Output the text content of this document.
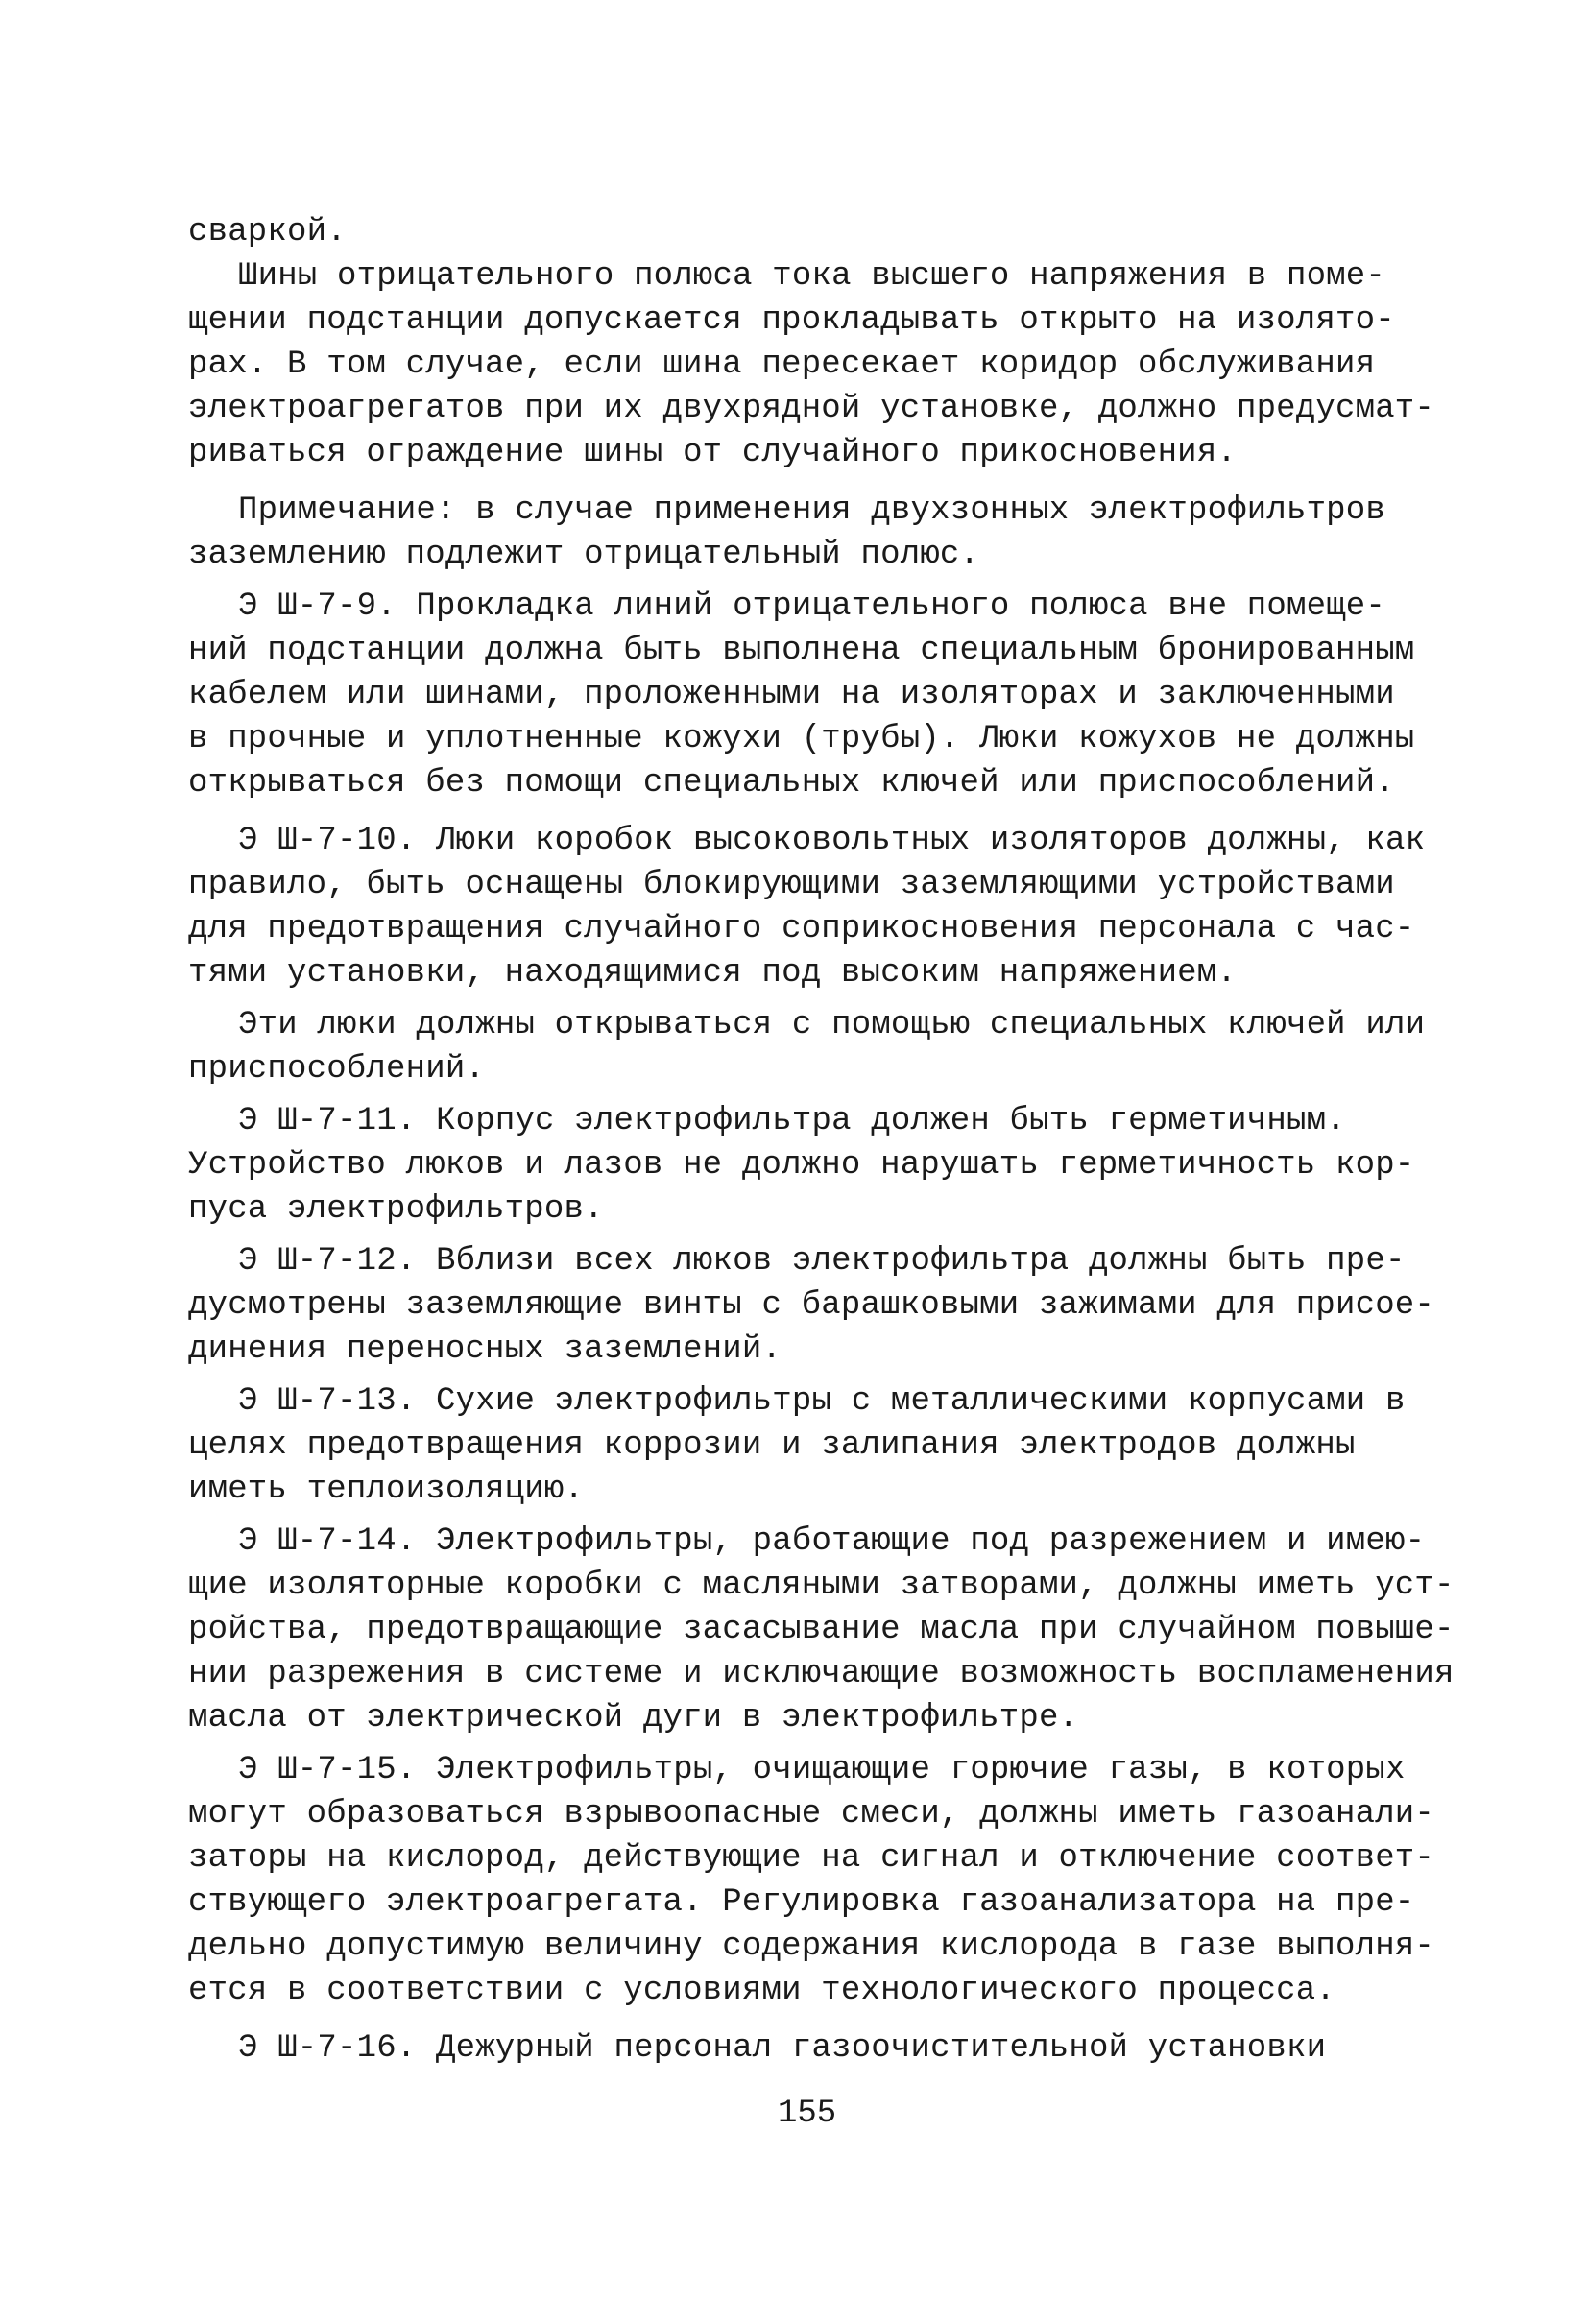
сваркой.
Шины отрицательного полюса тока высшего напряжения в поме-
щении подстанции допускается прокладывать открыто на изолято-
рах. В том случае, если шина пересекает коридор обслуживания
электроагрегатов при их двухрядной установке, должно предусмат-
риваться ограждение шины от случайного прикосновения.
Примечание: в случае применения двухзонных электрофильтров
заземлению подлежит отрицательный полюс.
Э Ш-7-9. Прокладка линий отрицательного полюса вне помеще-
ний подстанции должна быть выполнена специальным бронированным
кабелем или шинами, проложенными на изоляторах и заключенными
в прочные и уплотненные кожухи (трубы). Люки кожухов не должны
открываться без помощи специальных ключей или приспособлений.
Э Ш-7-10. Люки коробок высоковольтных изоляторов должны, как
правило, быть оснащены блокирующими заземляющими устройствами
для предотвращения случайного соприкосновения персонала с час-
тями установки, находящимися под высоким напряжением.
Эти люки должны открываться с помощью специальных ключей или
приспособлений.
Э Ш-7-11. Корпус электрофильтра должен быть герметичным.
Устройство люков и лазов не должно нарушать герметичность кор-
пуса электрофильтров.
Э Ш-7-12. Вблизи всех люков электрофильтра должны быть пре-
дусмотрены заземляющие винты с барашковыми зажимами для присое-
динения переносных заземлений.
Э Ш-7-13. Сухие электрофильтры с металлическими корпусами в
целях предотвращения коррозии и залипания электродов должны
иметь теплоизоляцию.
Э Ш-7-14. Электрофильтры, работающие под разрежением и имею-
щие изоляторные коробки с масляными затворами, должны иметь уст-
ройства, предотвращающие засасывание масла при случайном повыше-
нии разрежения в системе и исключающие возможность воспламенения
масла от электрической дуги в электрофильтре.
Э Ш-7-15. Электрофильтры, очищающие горючие газы, в которых
могут образоваться взрывоопасные смеси, должны иметь газоанали-
заторы на кислород, действующие на сигнал и отключение соответ-
ствующего электроагрегата. Регулировка газоанализатора на пре-
дельно допустимую величину содержания кислорода в газе выполня-
ется в соответствии с условиями технологического процесса.
Э Ш-7-16. Дежурный персонал газоочистительной установки
155
